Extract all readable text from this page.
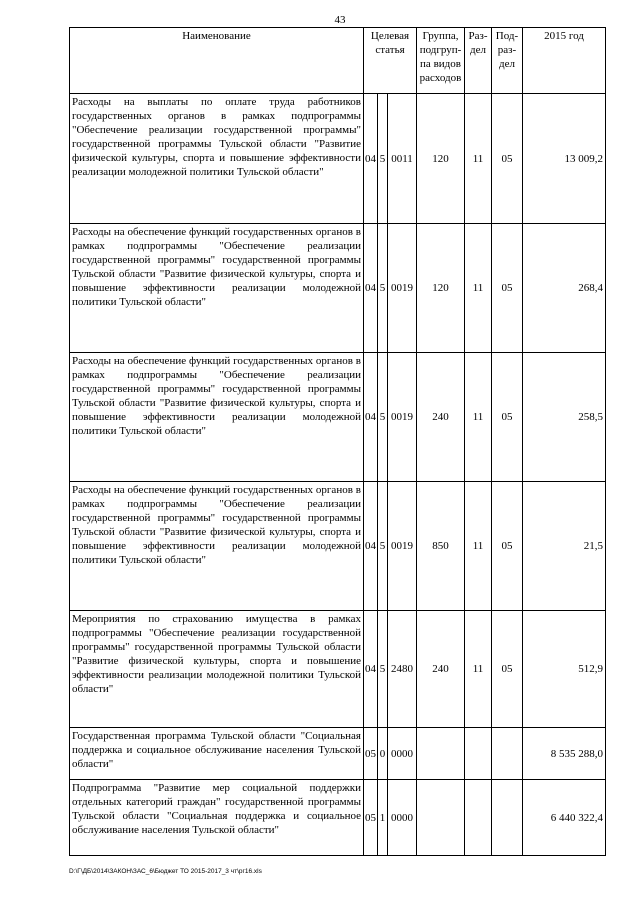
43
Наименование	Целевая статья			Группа, подгруп-па видов расходов	Раз-дел	Под-раз-дел	2015 год
Расходы на выплаты по оплате труда работников государственных органов в рамках подпрограммы "Обеспечение реализации государственной программы" государственной программы Тульской области "Развитие физической культуры, спорта и повышение эффективности реализации молодежной политики Тульской области"	04	5	0011	120	11	05	13 009,2
Расходы на обеспечение функций государственных органов в рамках подпрограммы "Обеспечение реализации государственной программы" государственной программы Тульской области "Развитие физической культуры, спорта и повышение эффективности реализации молодежной политики Тульской области"	04	5	0019	120	11	05	268,4
Расходы на обеспечение функций государственных органов в рамках подпрограммы "Обеспечение реализации государственной программы" государственной программы Тульской области "Развитие физической культуры, спорта и повышение эффективности реализации молодежной политики Тульской области"	04	5	0019	240	11	05	258,5
Расходы на обеспечение функций государственных органов в рамках подпрограммы "Обеспечение реализации государственной программы" государственной программы Тульской области "Развитие физической культуры, спорта и повышение эффективности реализации молодежной политики Тульской области"	04	5	0019	850	11	05	21,5
Мероприятия по страхованию имущества в рамках подпрограммы "Обеспечение реализации государственной программы" государственной программы Тульской области "Развитие физической культуры, спорта и повышение эффективности реализации молодежной политики Тульской области"	04	5	2480	240	11	05	512,9
Государственная программа Тульской области "Социальная поддержка и социальное обслуживание населения Тульской области"	05	0	0000				8 535 288,0
Подпрограмма "Развитие мер социальной поддержки отдельных категорий граждан" государственной программы Тульской области "Социальная поддержка и социальное обслуживание населения Тульской области"	05	1	0000				6 440 322,4
D:\Г\ДБ\2014\ЗАКОН\ЗАС_6\Бюджет ТО 2015-2017_3 чт\рг16.xls
